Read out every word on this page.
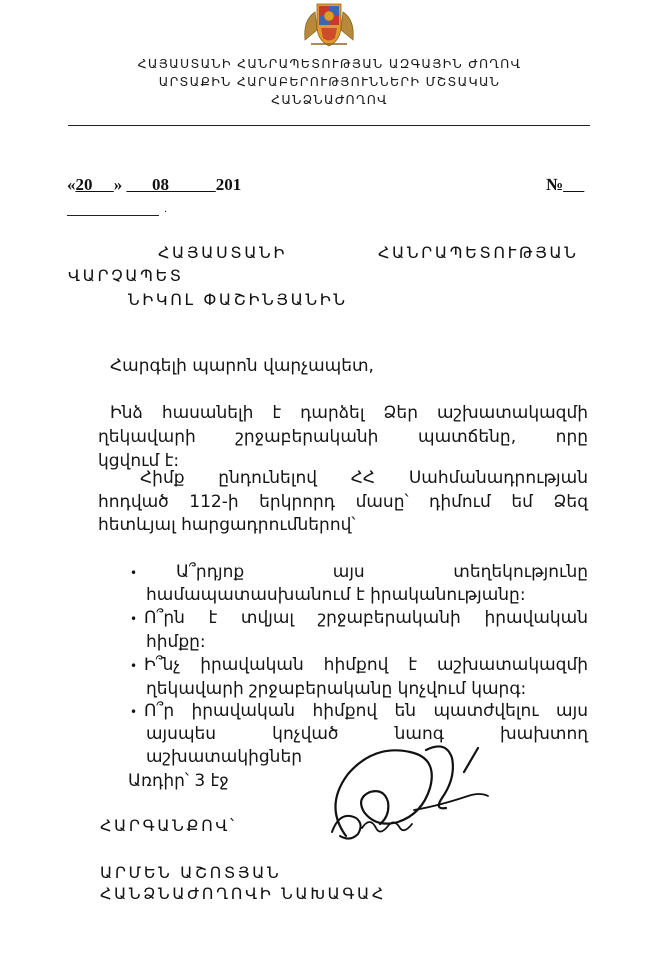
ՀԱՅԱՍՏԱՆԻ ՀԱՆՐԱՊԵՏՈՒԹՅԱՆ ԱԶԳԱՅԻՆ ԺՈՂՈՎ
ԱՐՏԱՔԻՆ ՀԱՐԱԲԵՐՈՒԹՅՈՒՆՆԵՐԻ ՄՇՏԱԿԱՆ
ՀԱՆՁՆԱԺՈՂՈՎ
«20 » 08	201	№
.
ՀԱՅԱՍՏԱՆԻ	ՀԱՆՐԱՊԵՏՈՒԹՅԱՆ
ՎԱՐՉԱՊԵՏ
ՆԻԿՈԼ ՓԱՇԻՆՅԱՆԻՆ
Հարգելի պարոն վարչապետ,
Ինձ հասանելի է դարձել Ձեր աշխատակազմի
ղեկավարի շրջաբերականի պատճենը, որը
կցվում է:
Հիմք ընդունելով ՀՀ Սահմանադրության
հոդված 112-ի երկրորդ մասը՝ դիմում եմ Ձեզ
հետևյալ հարցադրումներով՝
• Ա՞րդյոք այս տեղեկությունը
համապատասխանում է իրականությանը:
• Ո՞րն է տվյալ շրջաբերականի իրավական
հիմքը:
• Ի՞նչ իրավական հիմքով է աշխատակազմի
ղեկավարի շրջաբերականը կոչվում կարգ:
• Ո՞ր իրավական հիմքով են պատժվելու այս
այսպես կոչված նաոգ խախտող
աշխատակիցներ
Առդիր՝ 3 էջ
ՀԱՐԳԱՆՔՈՎ՝
ԱՐՄԵՆ ԱՇՈՏՅԱՆ
ՀԱՆՁՆԱԺՈՂՈՎԻ ՆԱԽԱԳԱՀ
